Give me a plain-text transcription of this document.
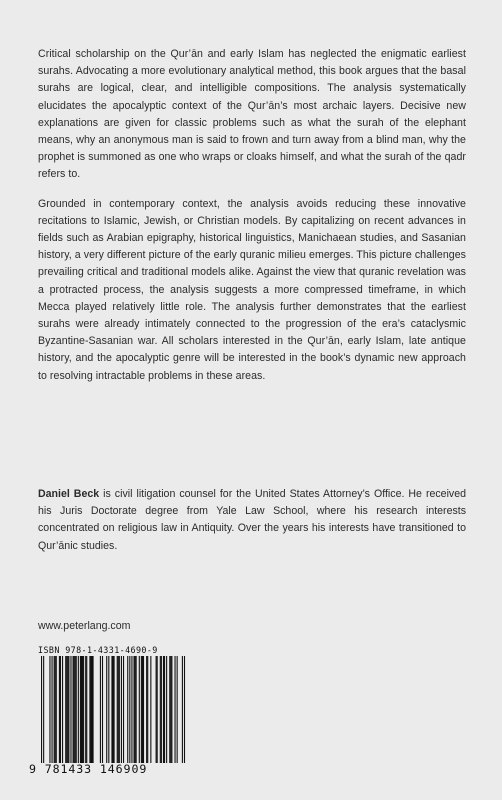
Critical scholarship on the Qur’ān and early Islam has neglected the enigmatic earliest surahs. Advocating a more evolutionary analytical method, this book argues that the basal surahs are logical, clear, and intelligible compositions. The analysis systematically elucidates the apocalyptic context of the Qur’ān’s most archaic layers. Decisive new explanations are given for classic problems such as what the surah of the elephant means, why an anonymous man is said to frown and turn away from a blind man, why the prophet is summoned as one who wraps or cloaks himself, and what the surah of the qadr refers to.

Grounded in contemporary context, the analysis avoids reducing these innovative recitations to Islamic, Jewish, or Christian models. By capitalizing on recent advances in fields such as Arabian epigraphy, historical linguistics, Manichaean studies, and Sasanian history, a very different picture of the early quranic milieu emerges. This picture challenges prevailing critical and traditional models alike. Against the view that quranic revelation was a protracted process, the analysis suggests a more compressed timeframe, in which Mecca played relatively little role. The analysis further demonstrates that the earliest surahs were already intimately connected to the progression of the era’s cataclysmic Byzantine-Sasanian war. All scholars interested in the Qur’ān, early Islam, late antique history, and the apocalyptic genre will be interested in the book’s dynamic new approach to resolving intractable problems in these areas.

Daniel Beck is civil litigation counsel for the United States Attorney’s Office. He received his Juris Doctorate degree from Yale Law School, where his research interests concentrated on religious law in Antiquity. Over the years his interests have transitioned to Qur’ānic studies.
www.peterlang.com
ISBN 978-1-4331-4690-9
9 781433 146909
